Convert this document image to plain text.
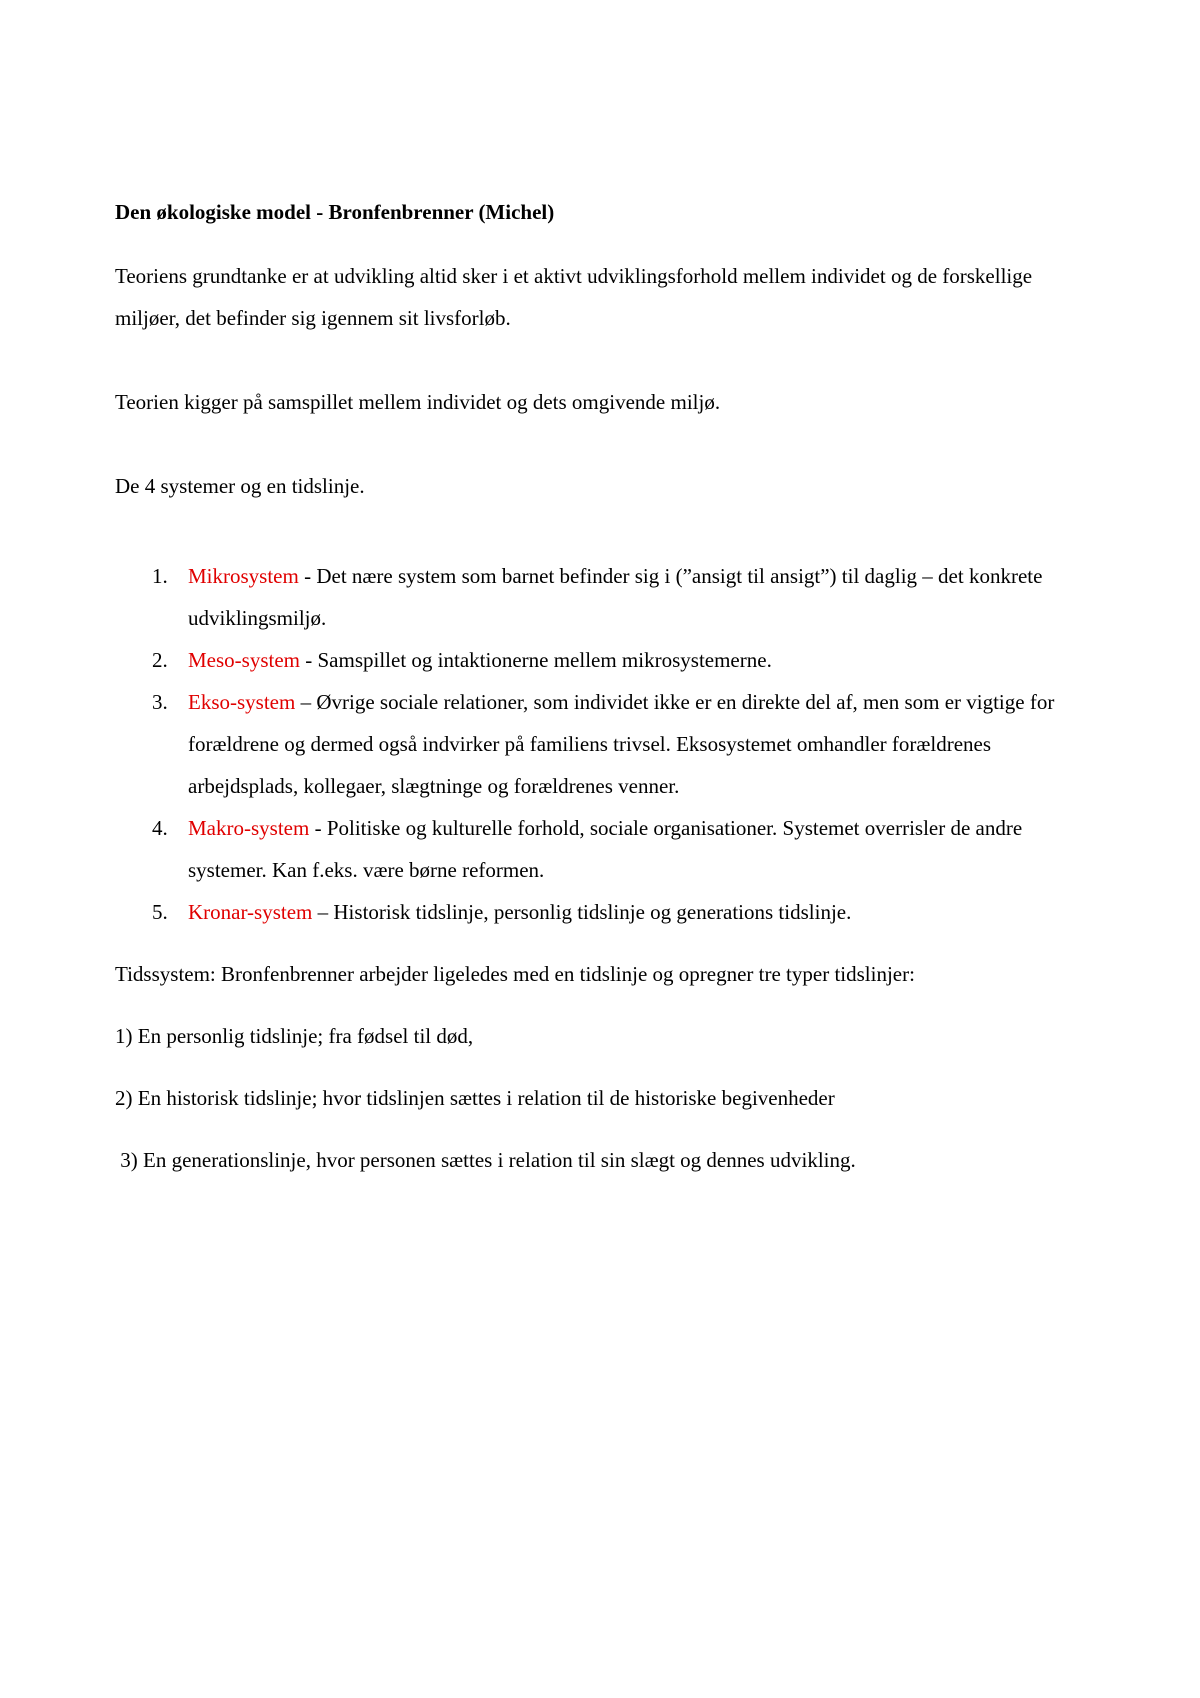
Den økologiske model - Bronfenbrenner (Michel)

Teoriens grundtanke er at udvikling altid sker i et aktivt udviklingsforhold mellem individet og de forskellige miljøer, det befinder sig igennem sit livsforløb.

Teorien kigger på samspillet mellem individet og dets omgivende miljø.

De 4 systemer og en tidslinje.

1. Mikrosystem - Det nære system som barnet befinder sig i (”ansigt til ansigt”) til daglig – det konkrete udviklingsmiljø.
2. Meso-system - Samspillet og intaktionerne mellem mikrosystemerne.
3. Ekso-system – Øvrige sociale relationer, som individet ikke er en direkte del af, men som er vigtige for forældrene og dermed også indvirker på familiens trivsel. Eksosystemet omhandler forældrenes arbejdsplads, kollegaer, slægtninge og forældrenes venner.
4. Makro-system - Politiske og kulturelle forhold, sociale organisationer. Systemet overrisler de andre systemer. Kan f.eks. være børne reformen.
5. Kronar-system – Historisk tidslinje, personlig tidslinje og generations tidslinje.

Tidssystem: Bronfenbrenner arbejder ligeledes med en tidslinje og opregner tre typer tidslinjer:

1) En personlig tidslinje; fra fødsel til død,

2) En historisk tidslinje; hvor tidslinjen sættes i relation til de historiske begivenheder

3) En generationslinje, hvor personen sættes i relation til sin slægt og dennes udvikling.
